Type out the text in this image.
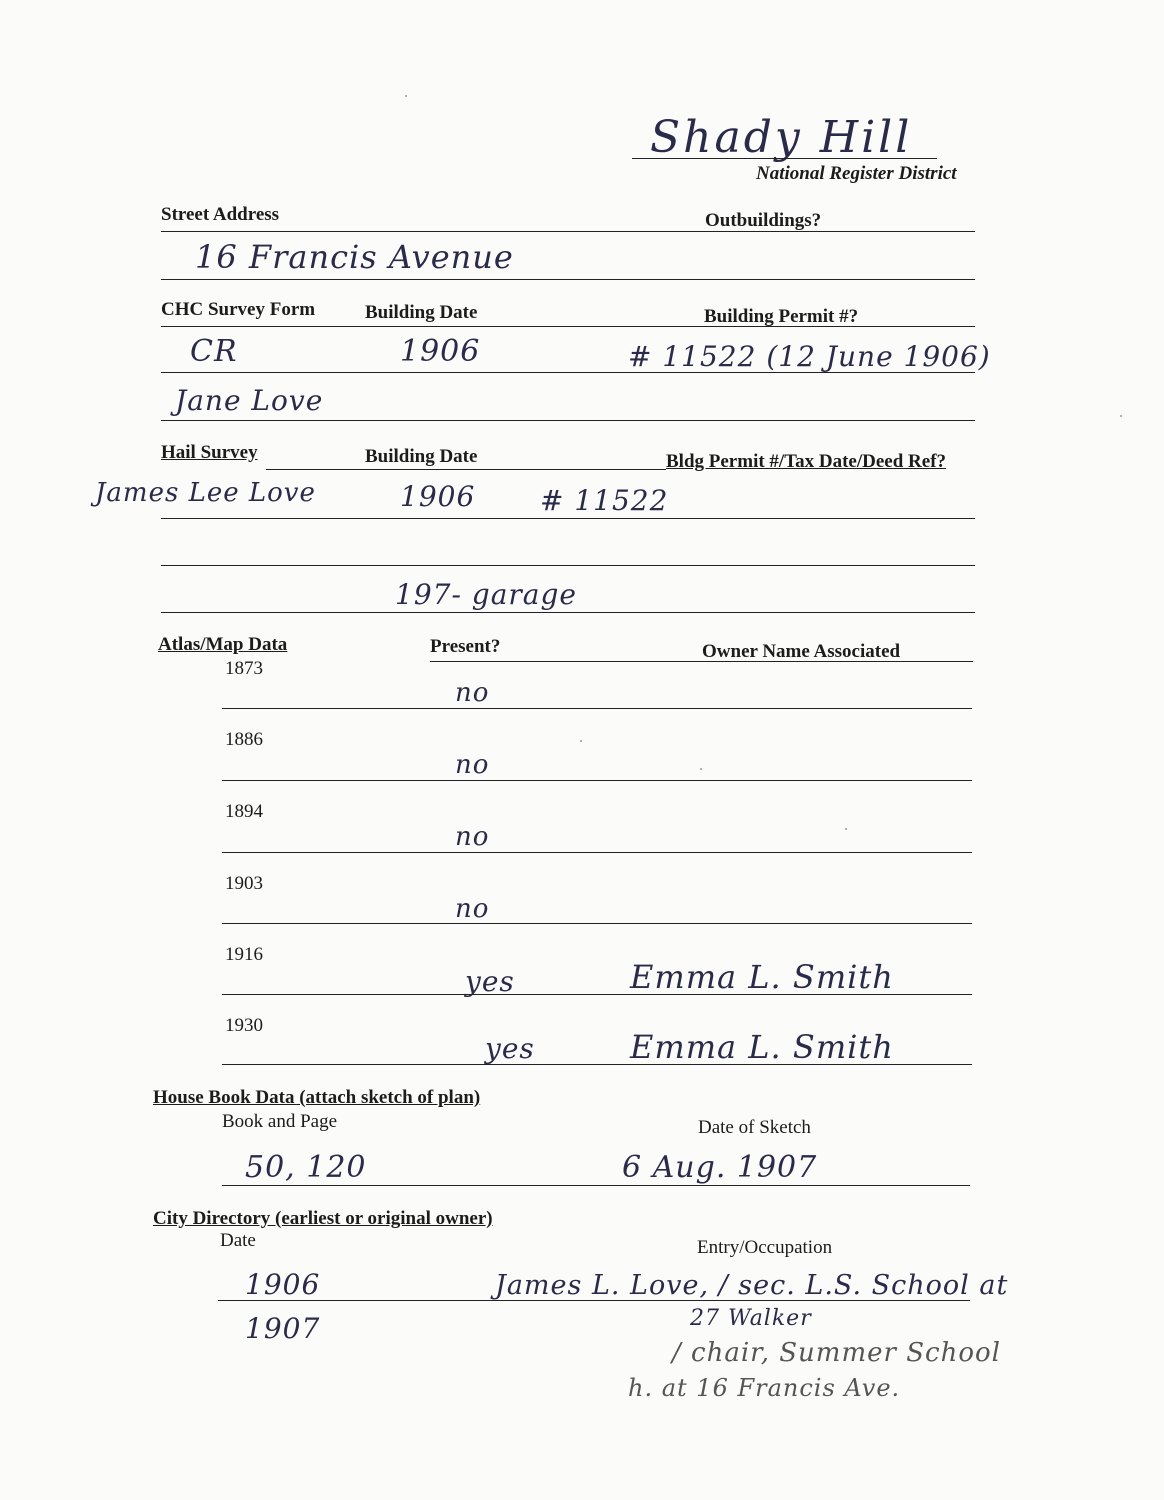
Shady Hill
National Register District
Street Address	Outbuildings?
16 Francis Avenue
CHC Survey Form	Building Date	Building Permit #?
CR	1906	# 11522 (12 June 1906)
Jane Love
Hail Survey	Building Date	Bldg Permit #/Tax Date/Deed Ref?
James Lee Love	1906 # 11522
197- garage
Atlas/Map Data	Present?	Owner Name Associated
1873
no
1886
no
1894
no
1903
no
1916
yes	Emma L. Smith
1930
yes	Emma L. Smith
House Book Data (attach sketch of plan)
Book and Page	Date of Sketch
50, 120	6 Aug. 1907
City Directory (earliest or original owner)
Date	Entry/Occupation
1906	James L. Love, / sec. L.S. School at
1907	27 Walker
/ chair, Summer School
h. at 16 Francis Ave.
